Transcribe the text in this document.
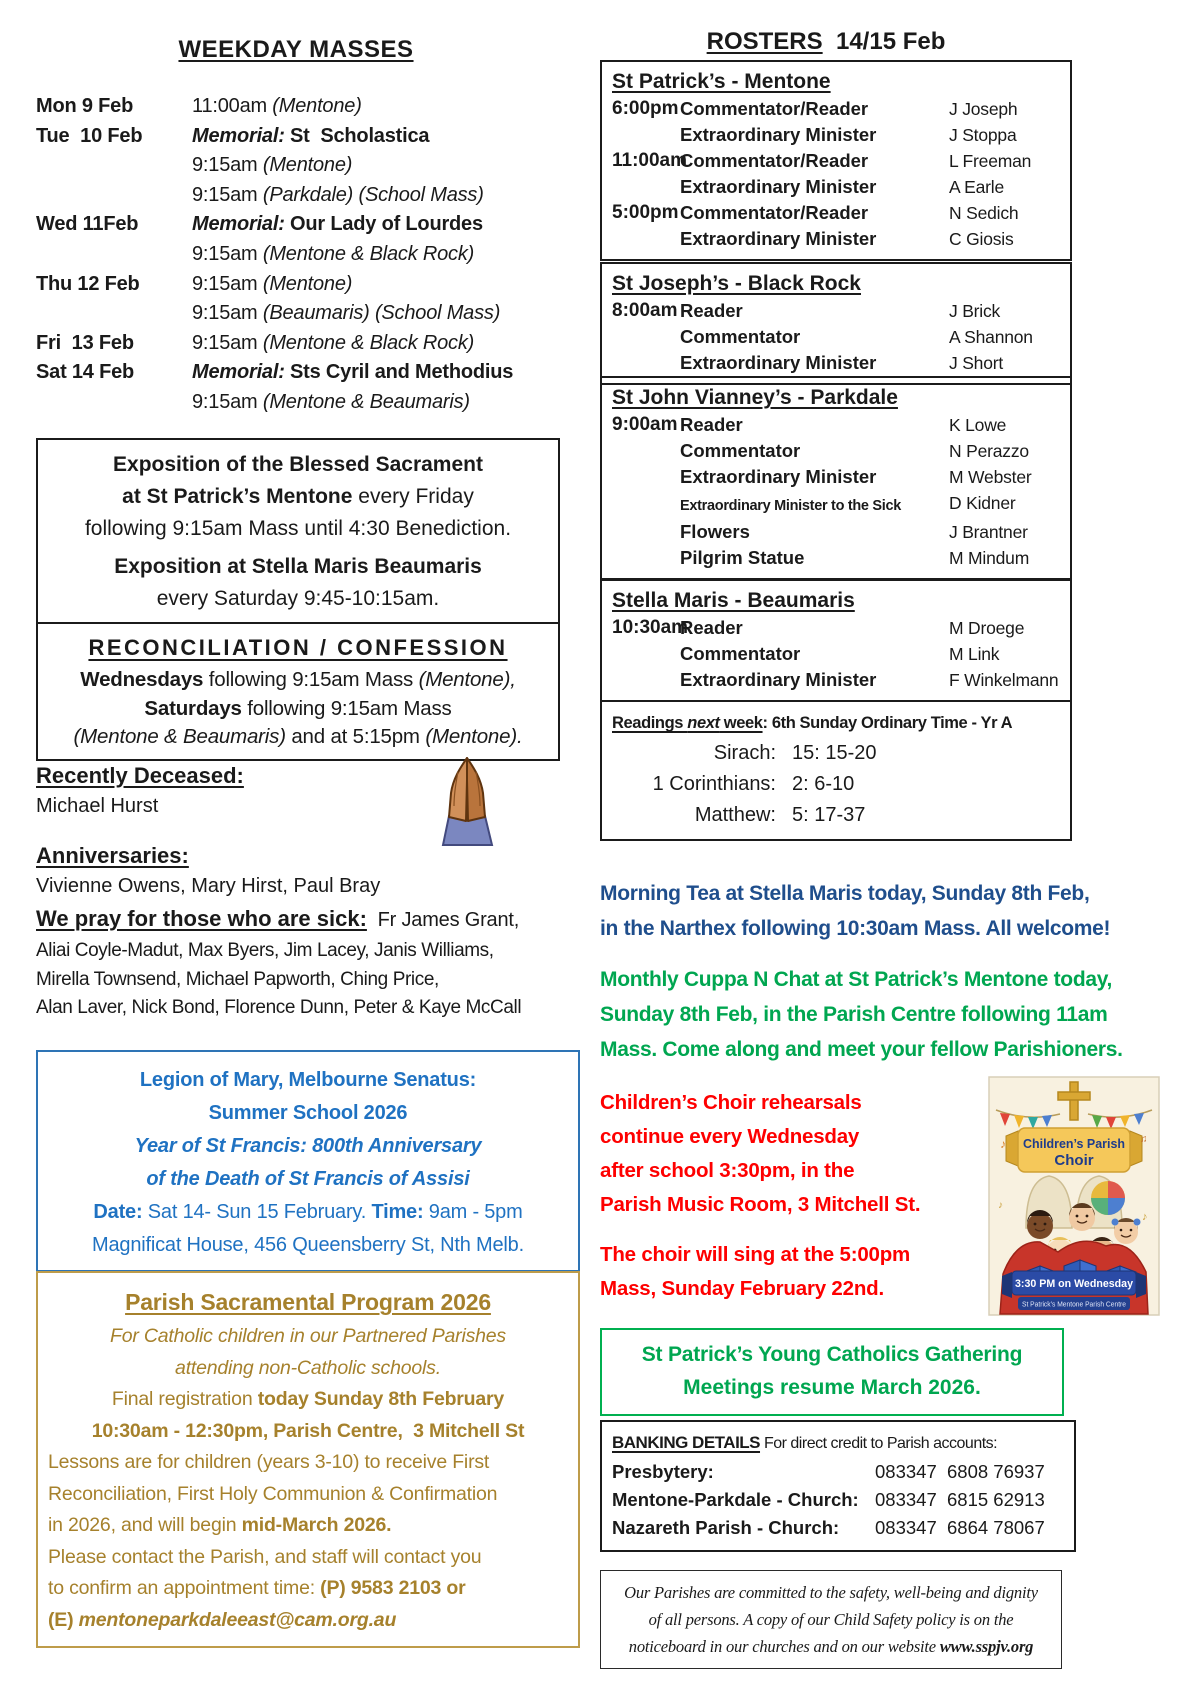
WEEKDAY MASSES
Mon 9 Feb	11:00am (Mentone)
Tue  10 Feb	Memorial: St  Scholastica
9:15am (Mentone)
9:15am (Parkdale) (School Mass)
Wed 11Feb	Memorial: Our Lady of Lourdes
9:15am (Mentone & Black Rock)
Thu 12 Feb	9:15am (Mentone)
9:15am (Beaumaris) (School Mass)
Fri  13 Feb	9:15am (Mentone & Black Rock)
Sat 14 Feb	Memorial: Sts Cyril and Methodius
9:15am (Mentone & Beaumaris)
Exposition of the Blessed Sacrament
at St Patrick’s Mentone every Friday
following 9:15am Mass until 4:30 Benediction.
Exposition at Stella Maris Beaumaris
every Saturday 9:45-10:15am.
RECONCILIATION / CONFESSION
Wednesdays following 9:15am Mass (Mentone),
Saturdays following 9:15am Mass
(Mentone & Beaumaris) and at 5:15pm (Mentone).
Recently Deceased:
Michael Hurst
Anniversaries:
Vivienne Owens, Mary Hirst, Paul Bray
We pray for those who are sick:  Fr James Grant,
Aliai Coyle-Madut, Max Byers, Jim Lacey, Janis Williams,
Mirella Townsend, Michael Papworth, Ching Price,
Alan Laver, Nick Bond, Florence Dunn, Peter & Kaye McCall
Legion of Mary, Melbourne Senatus:
Summer School 2026
Year of St Francis: 800th Anniversary
of the Death of St Francis of Assisi
Date: Sat 14- Sun 15 February. Time: 9am - 5pm
Magnificat House, 456 Queensberry St, Nth Melb.
Parish Sacramental Program 2026
For Catholic children in our Partnered Parishes
attending non-Catholic schools.
Final registration today Sunday 8th February
10:30am - 12:30pm, Parish Centre,  3 Mitchell St
Lessons are for children (years 3-10) to receive First
Reconciliation, First Holy Communion & Confirmation
in 2026, and will begin mid-March 2026.
Please contact the Parish, and staff will contact you
to confirm an appointment time: (P) 9583 2103 or
(E) mentoneparkdaleeast@cam.org.au
ROSTERS  14/15 Feb
St Patrick’s - Mentone
6:00pm Commentator/Reader	J Joseph
Extraordinary Minister	J Stoppa
11:00am
Commentator/Reader	L Freeman
Extraordinary Minister	A Earle
5:00pm Commentator/Reader	N Sedich
Extraordinary Minister	C Giosis
St Joseph’s - Black Rock
8:00am Reader	J Brick
Commentator	A Shannon
Extraordinary Minister	J Short
St John Vianney’s - Parkdale
9:00am Reader	K Lowe
Commentator	N Perazzo
Extraordinary Minister	M Webster
Extraordinary Minister to the Sick	D Kidner
Flowers	J Brantner
Pilgrim Statue	M Mindum
Stella Maris - Beaumaris
10:30am
Reader	M Droege
Commentator	M Link
Extraordinary Minister	F Winkelmann
Readings next week: 6th Sunday Ordinary Time - Yr A
Sirach: 15: 15-20
1 Corinthians: 2: 6-10
Matthew: 5: 17-37
Morning Tea at Stella Maris today, Sunday 8th Feb,
in the Narthex following 10:30am Mass. All welcome!
Monthly Cuppa N Chat at St Patrick’s Mentone today,
Sunday 8th Feb, in the Parish Centre following 11am
Mass. Come along and meet your fellow Parishioners.
Children’s Choir rehearsals
continue every Wednesday
after school 3:30pm, in the
Parish Music Room, 3 Mitchell St.
The choir will sing at the 5:00pm
Mass, Sunday February 22nd.
Children’s Parish
Choir
♪	♫
♪
♪
3:30 PM on Wednesday
St Patrick’s Mentone Parish Centre
St Patrick’s Young Catholics Gathering
Meetings resume March 2026.
BANKING DETAILS For direct credit to Parish accounts:
Presbytery:	083347  6808 76937
Mentone-Parkdale - Church: 083347  6815 62913
Nazareth Parish - Church:	083347  6864 78067
Our Parishes are committed to the safety, well-being and dignity
of all persons. A copy of our Child Safety policy is on the
noticeboard in our churches and on our website www.sspjv.org
